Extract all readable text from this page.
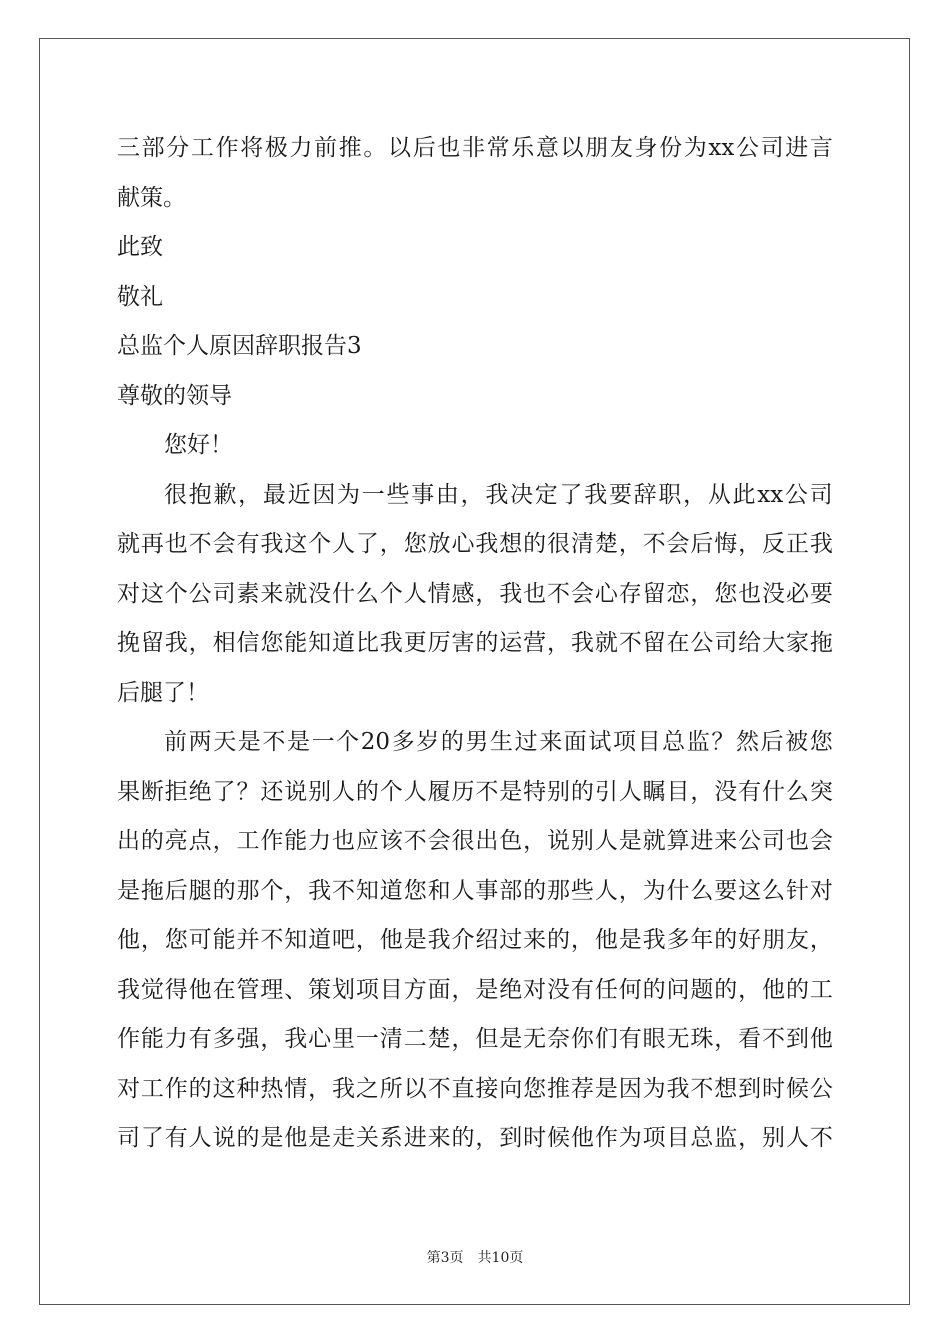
三 部 分 工 作 将 极 力 前 推 。 以 后 也 非 常 乐 意 以 朋 友 身 份 为 xx 公 司 进 言
献策。
此致
敬礼
总监个人原因辞职报告3
尊敬的领导
您好！
很 抱 歉 ， 最 近 因 为 一 些 事 由 ， 我 决 定 了 我 要 辞 职 ， 从 此 xx 公 司
就 再 也 不 会 有 我 这 个 人 了 ， 您 放 心 我 想 的 很 清 楚 ， 不 会 后 悔 ， 反 正 我
对 这 个 公 司 素 来 就 没 什 么 个 人 情 感 ， 我 也 不 会 心 存 留 恋 ， 您 也 没 必 要
挽 留 我 ， 相 信 您 能 知 道 比 我 更 厉 害 的 运 营 ， 我 就 不 留 在 公 司 给 大 家 拖
后腿了！
前 两 天 是 不 是 一 个 20 多 岁 的 男 生 过 来 面 试 项 目 总 监 ？ 然 后 被 您
果 断 拒 绝 了 ？ 还 说 别 人 的 个 人 履 历 不 是 特 别 的 引 人 瞩 目 ， 没 有 什 么 突
出 的 亮 点 ， 工 作 能 力 也 应 该 不 会 很 出 色 ， 说 别 人 是 就 算 进 来 公 司 也 会
是 拖 后 腿 的 那 个 ， 我 不 知 道 您 和 人 事 部 的 那 些 人 ， 为 什 么 要 这 么 针 对
他 ， 您 可 能 并 不 知 道 吧 ， 他 是 我 介 绍 过 来 的 ， 他 是 我 多 年 的 好 朋 友 ，
我 觉 得 他 在 管 理 、 策 划 项 目 方 面 ， 是 绝 对 没 有 任 何 的 问 题 的 ， 他 的 工
作 能 力 有 多 强 ， 我 心 里 一 清 二 楚 ， 但 是 无 奈 你 们 有 眼 无 珠 ， 看 不 到 他
对 工 作 的 这 种 热 情 ， 我 之 所 以 不 直 接 向 您 推 荐 是 因 为 我 不 想 到 时 候 公
司 了 有 人 说 的 是 他 是 走 关 系 进 来 的 ， 到 时 候 他 作 为 项 目 总 监 ， 别 人 不
第3页　共10页
